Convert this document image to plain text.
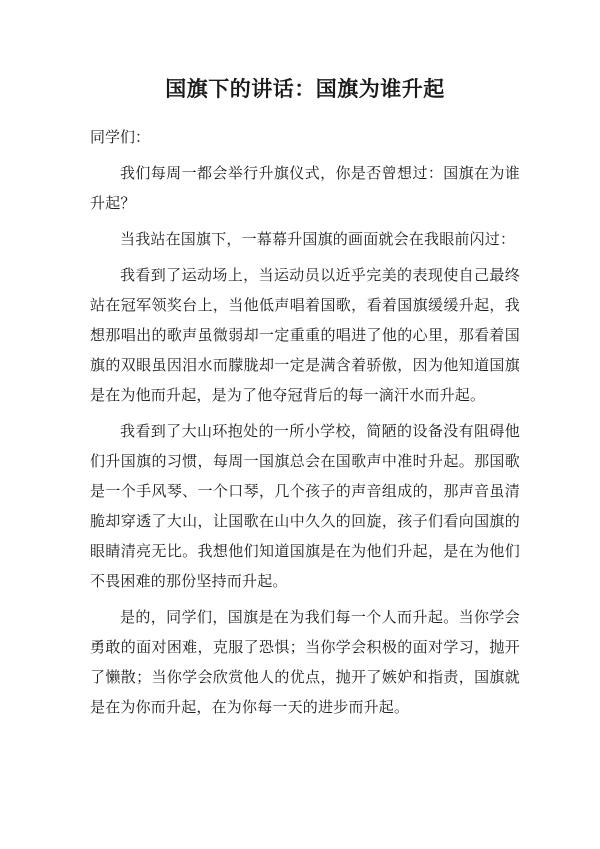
国旗下的讲话：国旗为谁升起

同学们：

我们每周一都会举行升旗仪式，你是否曾想过：国旗在为谁升起？

当我站在国旗下，一幕幕升国旗的画面就会在我眼前闪过：

我看到了运动场上，当运动员以近乎完美的表现使自己最终站在冠军领奖台上，当他低声唱着国歌，看着国旗缓缓升起，我想那唱出的歌声虽微弱却一定重重的唱进了他的心里，那看着国旗的双眼虽因泪水而朦胧却一定是满含着骄傲，因为他知道国旗是在为他而升起，是为了他夺冠背后的每一滴汗水而升起。

我看到了大山环抱处的一所小学校，简陋的设备没有阻碍他们升国旗的习惯，每周一国旗总会在国歌声中准时升起。那国歌是一个手风琴、一个口琴，几个孩子的声音组成的，那声音虽清脆却穿透了大山，让国歌在山中久久的回旋，孩子们看向国旗的眼睛清亮无比。我想他们知道国旗是在为他们升起，是在为他们不畏困难的那份坚持而升起。

是的，同学们，国旗是在为我们每一个人而升起。当你学会勇敢的面对困难，克服了恐惧；当你学会积极的面对学习，抛开了懒散；当你学会欣赏他人的优点，抛开了嫉妒和指责，国旗就是在为你而升起，在为你每一天的进步而升起。
